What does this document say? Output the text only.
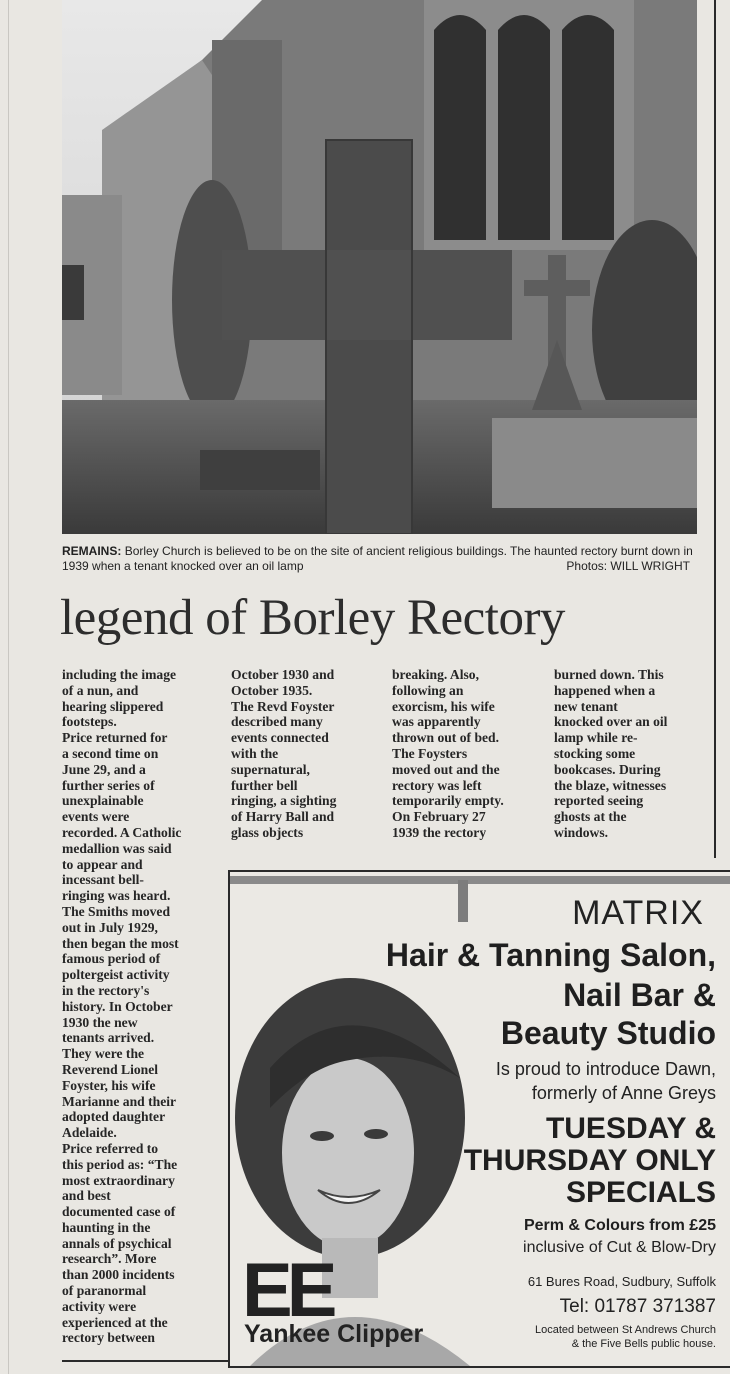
REMAINS: Borley Church is believed to be on the site of ancient religious buildings. The haunted rectory burnt down in 1939 when a tenant knocked over an oil lamp	Photos: WILL WRIGHT
legend of Borley Rectory
including the image
of a nun, and
hearing slippered
footsteps.
Price returned for
a second time on
June 29, and a
further series of
unexplainable
events were
recorded. A Catholic
medallion was said
to appear and
incessant bell-
ringing was heard.
The Smiths moved
out in July 1929,
then began the most
famous period of
poltergeist activity
in the rectory's
history. In October
1930 the new
tenants arrived.
They were the
Reverend Lionel
Foyster, his wife
Marianne and their
adopted daughter
Adelaide.
Price referred to
this period as: “The
most extraordinary
and best
documented case of
haunting in the
annals of psychical
research”. More
than 2000 incidents
of paranormal
activity were
experienced at the
rectory between
October 1930 and
October 1935.
The Revd Foyster
described many
events connected
with the
supernatural,
further bell
ringing, a sighting
of Harry Ball and
glass objects
breaking. Also,
following an
exorcism, his wife
was apparently
thrown out of bed.
The Foysters
moved out and the
rectory was left
temporarily empty.
On February 27
1939 the rectory
burned down. This
happened when a
new tenant
knocked over an oil
lamp while re-
stocking some
bookcases. During
the blaze, witnesses
reported seeing
ghosts at the
windows.
MATRIX
Hair & Tanning Salon,
Nail Bar &
Beauty Studio
Is proud to introduce Dawn,
formerly of Anne Greys
TUESDAY &
THURSDAY ONLY
SPECIALS
Perm & Colours from £25
inclusive of Cut & Blow-Dry
EE
Yankee Clipper
61 Bures Road, Sudbury, Suffolk
Tel: 01787 371387
Located between St Andrews Church
& the Five Bells public house.
